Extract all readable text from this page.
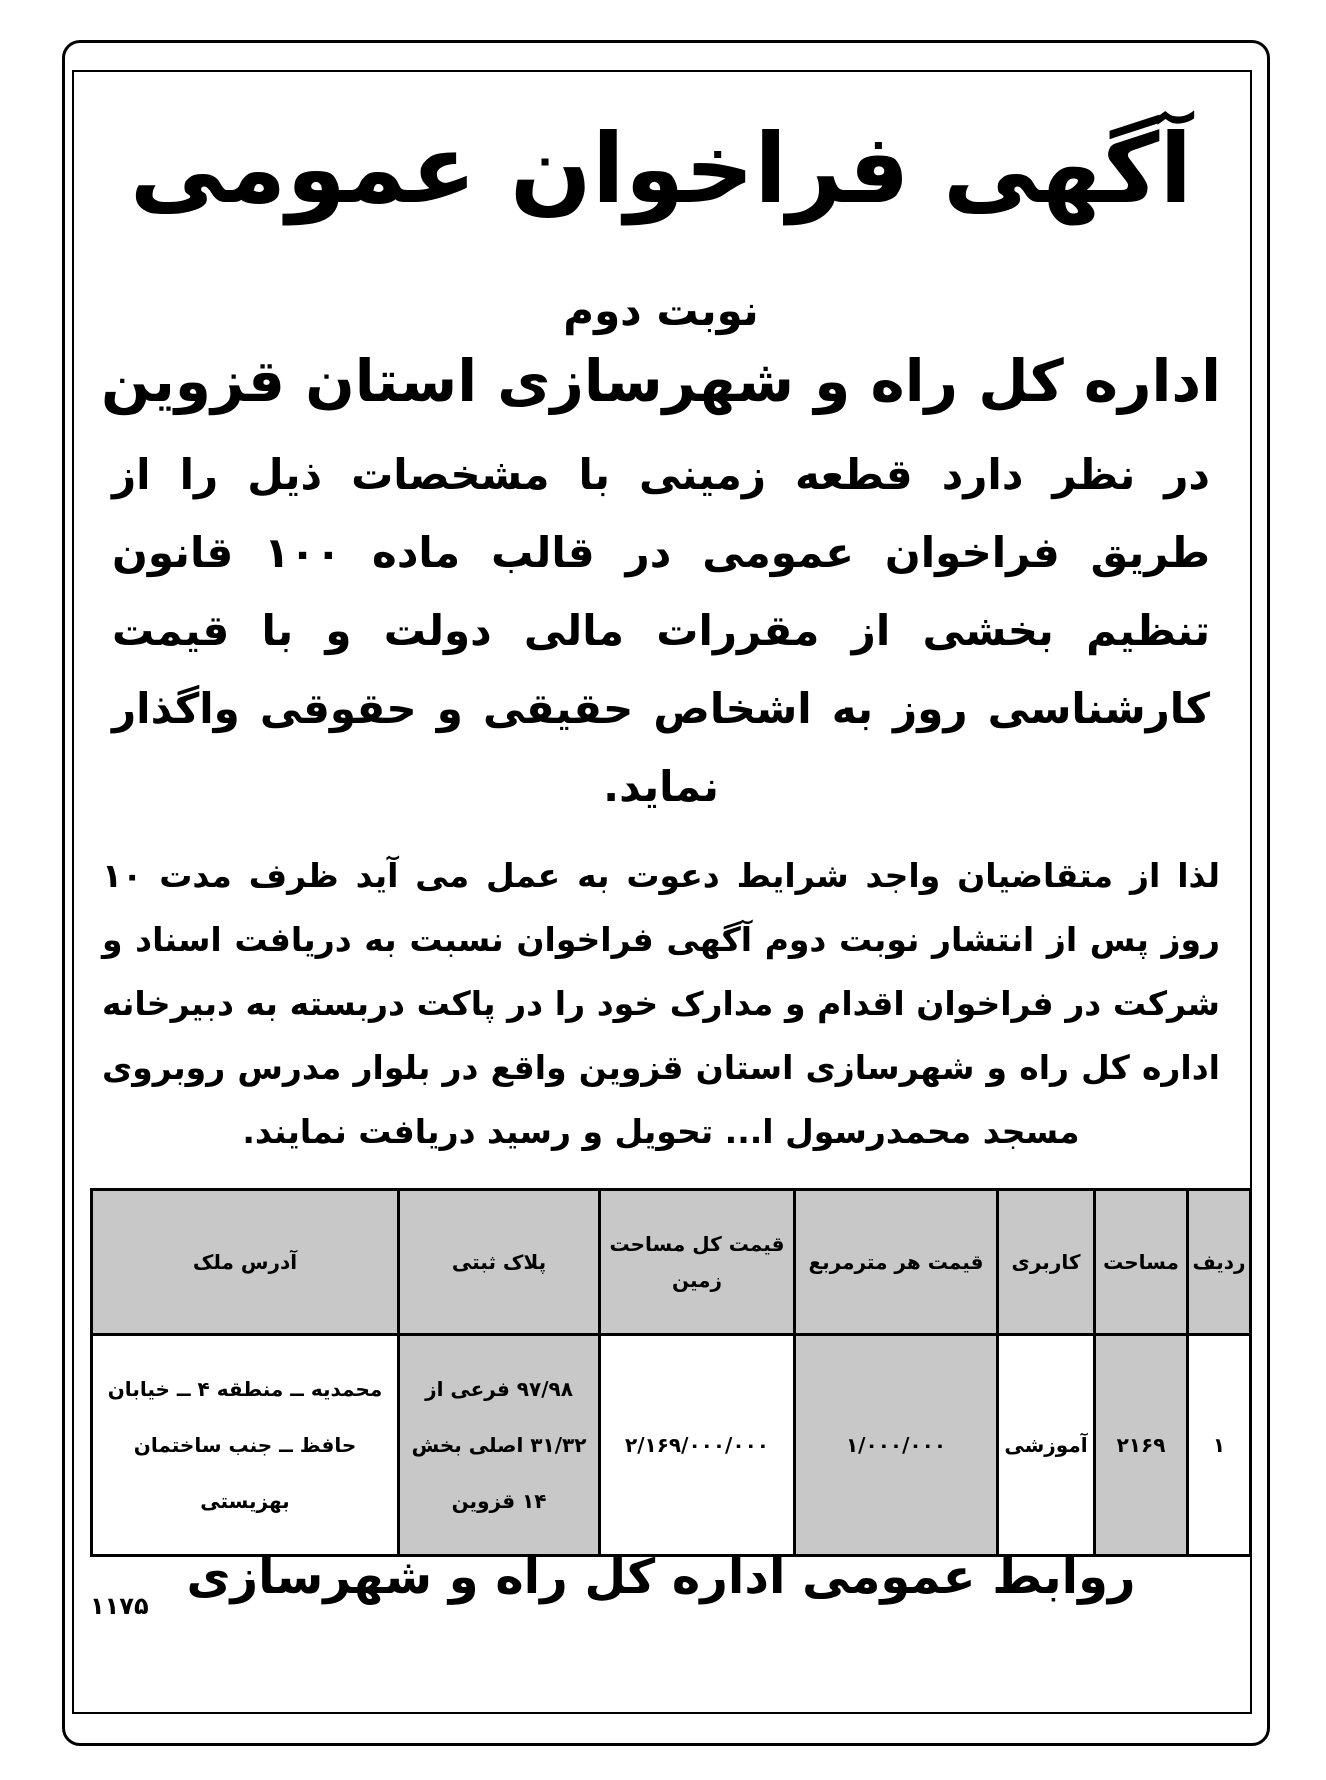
آگهی فراخوان عمومی
نوبت دوم
اداره کل راه و شهرسازی استان قزوین
در نظر دارد قطعه زمینی با مشخصات ذیل را از طریق فراخوان عمومی در قالب ماده ۱۰۰ قانون تنظیم بخشی از مقررات مالی دولت و با قیمت کارشناسی روز به اشخاص حقیقی و حقوقی واگذار نماید.
لذا از متقاضیان واجد شرایط دعوت به عمل می آید ظرف مدت ۱۰ روز پس از انتشار نوبت دوم آگهی فراخوان نسبت به دریافت اسناد و شرکت در فراخوان اقدام و مدارک خود را در پاکت دربسته به دبیرخانه اداره کل راه و شهرسازی استان قزوین واقع در بلوار مدرس روبروی مسجد محمدرسول ا... تحویل و رسید دریافت نمایند.
ردیف	مساحت	کاربری	قیمت هر مترمربع	قیمت کل مساحت زمین	پلاک ثبتی	آدرس ملک
۱	۲۱۶۹	آموزشی	۱/۰۰۰/۰۰۰	۲/۱۶۹/۰۰۰/۰۰۰	۹۷/۹۸ فرعی از ۳۱/۳۲ اصلی بخش ۱۴ قزوین	محمدیه ــ منطقه ۴ ــ خیابان حافظ ــ جنب ساختمان بهزیستی
روابط عمومی اداره کل راه و شهرسازی
۱۱۷۵
